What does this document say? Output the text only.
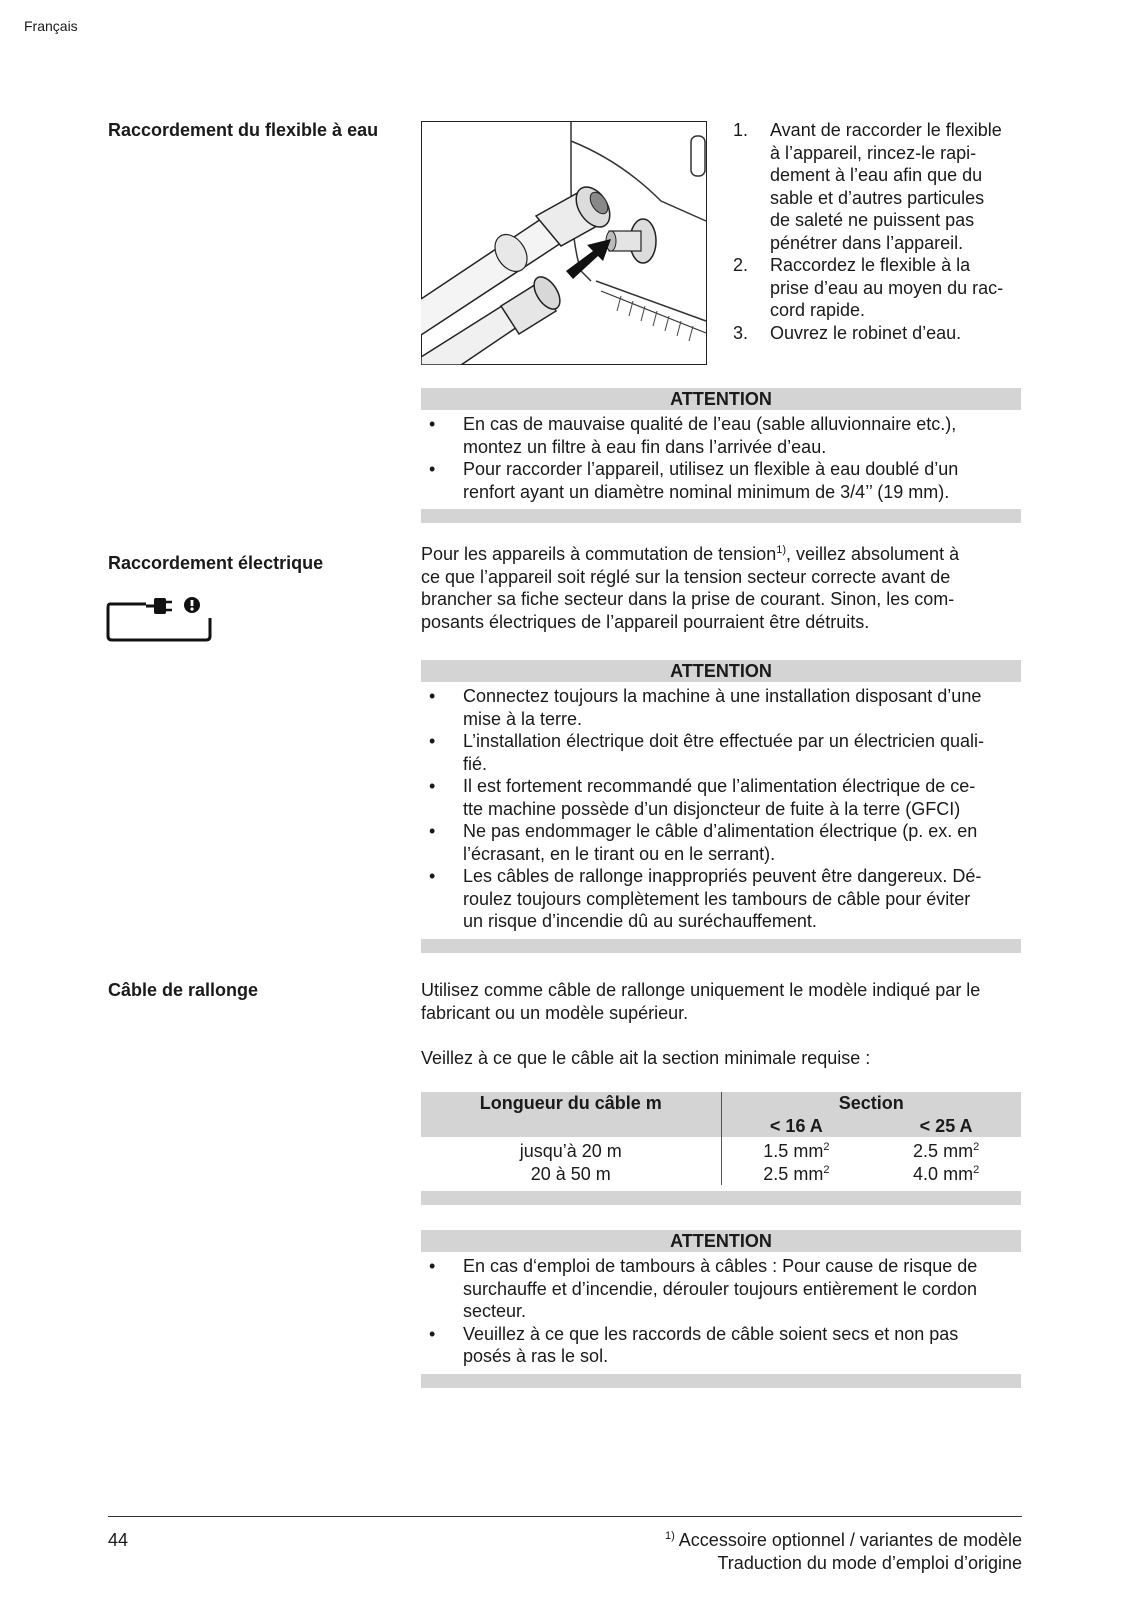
Français
Raccordement du flexible à eau	1. Avant de raccorder le flexible
à l’appareil, rincez-le rapi-
dement à l’eau afin que du
sable et d’autres particules
de saleté ne puissent pas
pénétrer dans l’appareil.
2. Raccordez le flexible à la
prise d’eau au moyen du rac-
cord rapide.
3. Ouvrez le robinet d’eau.
ATTENTION
• En cas de mauvaise qualité de l’eau (sable alluvionnaire etc.),
montez un filtre à eau fin dans l’arrivée d’eau.
• Pour raccorder l’appareil, utilisez un flexible à eau doublé d’un
renfort ayant un diamètre nominal minimum de 3/4’’ (19 mm).
Raccordement électrique	Pour les appareils à commutation de tension$^{1)}$, veillez absolument à
ce que l’appareil soit réglé sur la tension secteur correcte avant de
brancher sa fiche secteur dans la prise de courant. Sinon, les com-
posants électriques de l’appareil pourraient être détruits.
ATTENTION
• Connectez toujours la machine à une installation disposant d’une
mise à la terre.
• L’installation électrique doit être effectuée par un électricien quali-
fié.
• Il est fortement recommandé que l’alimentation électrique de ce-
tte machine possède d’un disjoncteur de fuite à la terre (GFCI)
• Ne pas endommager le câble d’alimentation électrique (p. ex. en
l’écrasant, en le tirant ou en le serrant).
• Les câbles de rallonge inappropriés peuvent être dangereux. Dé-
roulez toujours complètement les tambours de câble pour éviter
un risque d’incendie dû au suréchauffement.
Câble de rallonge	Utilisez comme câble de rallonge uniquement le modèle indiqué par le
fabricant ou un modèle supérieur.
Veillez à ce que le câble ait la section minimale requise :
Longueur du câble m	Section	
	< 16 A	< 25 A
jusqu’à 20 m	1.5 $mm^2$	2.5 $mm^2$
20 à 50 m	2.5 $mm^2$	4.0 $mm^2$

ATTENTION
• En cas d‘emploi de tambours à câbles : Pour cause de risque de
surchauffe et d’incendie, dérouler toujours entièrement le cordon
secteur.
• Veuillez à ce que les raccords de câble soient secs et non pas
posés à ras le sol.
44	$^{1)}$ Accessoire optionnel / variantes de modèle
Traduction du mode d’emploi d’origine
